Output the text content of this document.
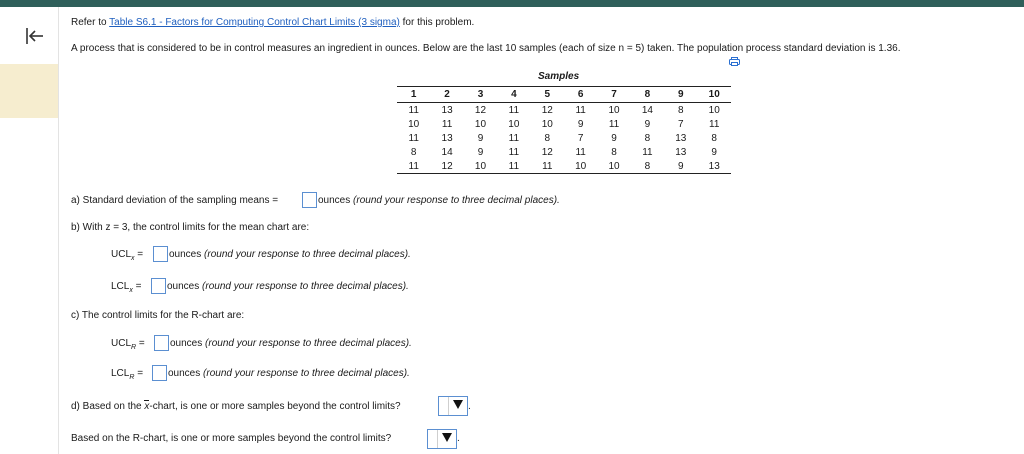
Refer to Table S6.1 - Factors for Computing Control Chart Limits (3 sigma) for this problem.
A process that is considered to be in control measures an ingredient in ounces. Below are the last 10 samples (each of size n = 5) taken. The population process standard deviation is 1.36.
Samples
1	2	3	4	5	6	7	8	9	10
11	13	12	11	12	11	10	14	8	10
10	11	10	10	10	9	11	9	7	11
11	13	9	11	8	7	9	8	13	8
8	14	9	11	12	11	8	11	13	9
11	12	10	11	11	10	10	8	9	13
a) Standard deviation of the sampling means =	ounces (round your response to three decimal places).
b) With z = 3, the control limits for the mean chart are:
$UCL_x$ =	ounces (round your response to three decimal places).
$LCL_x$ =	ounces (round your response to three decimal places).
c) The control limits for the R-chart are:
$UCL_R$ =	ounces (round your response to three decimal places).
$LCL_R$ = ounces (round your response to three decimal places).
d) Based on the x-chart, is one or more samples beyond the control limits?	.
Based on the R-chart, is one or more samples beyond the control limits?	.
